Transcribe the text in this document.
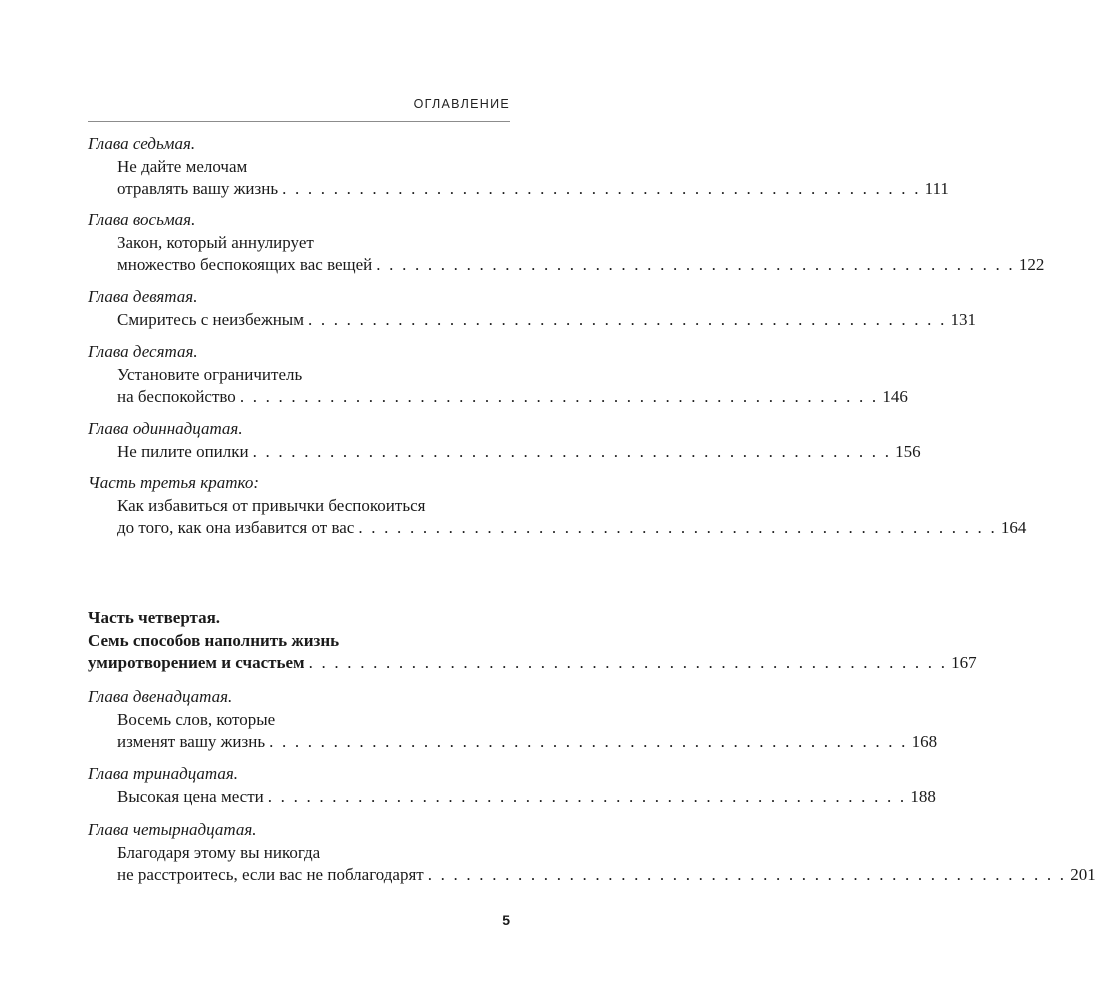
ОГЛАВЛЕНИЕ
Глава седьмая.
Не дайте мелочам
отравлять вашу жизнь . . . . . . . . . . . . . . . . . . . . . . . . . . . . . . . . . . . . . . . . . . . . . . . . . . 111
Глава восьмая.
Закон, который аннулирует
множество беспокоящих вас вещей . . . . . . . . . . . . . . . . . . . . . . . . . . . . . . . . . . . . . . . . . . . . . . . . . . 122
Глава девятая.
Смиритесь с неизбежным . . . . . . . . . . . . . . . . . . . . . . . . . . . . . . . . . . . . . . . . . . . . . . . . . . 131
Глава десятая.
Установите ограничитель
на беспокойство . . . . . . . . . . . . . . . . . . . . . . . . . . . . . . . . . . . . . . . . . . . . . . . . . . 146
Глава одиннадцатая.
Не пилите опилки . . . . . . . . . . . . . . . . . . . . . . . . . . . . . . . . . . . . . . . . . . . . . . . . . . 156
Часть третья кратко:
Как избавиться от привычки беспокоиться
до того, как она избавится от вас . . . . . . . . . . . . . . . . . . . . . . . . . . . . . . . . . . . . . . . . . . . . . . . . . . 164
Часть четвертая.
Семь способов наполнить жизнь
умиротворением и счастьем . . . . . . . . . . . . . . . . . . . . . . . . . . . . . . . . . . . . . . . . . . . . . . . . . . 167
Глава двенадцатая.
Восемь слов, которые
изменят вашу жизнь . . . . . . . . . . . . . . . . . . . . . . . . . . . . . . . . . . . . . . . . . . . . . . . . . . 168
Глава тринадцатая.
Высокая цена мести . . . . . . . . . . . . . . . . . . . . . . . . . . . . . . . . . . . . . . . . . . . . . . . . . . 188
Глава четырнадцатая.
Благодаря этому вы никогда
не расстроитесь, если вас не поблагодарят . . . . . . . . . . . . . . . . . . . . . . . . . . . . . . . . . . . . . . . . . . . . . . . . . . 201
5
